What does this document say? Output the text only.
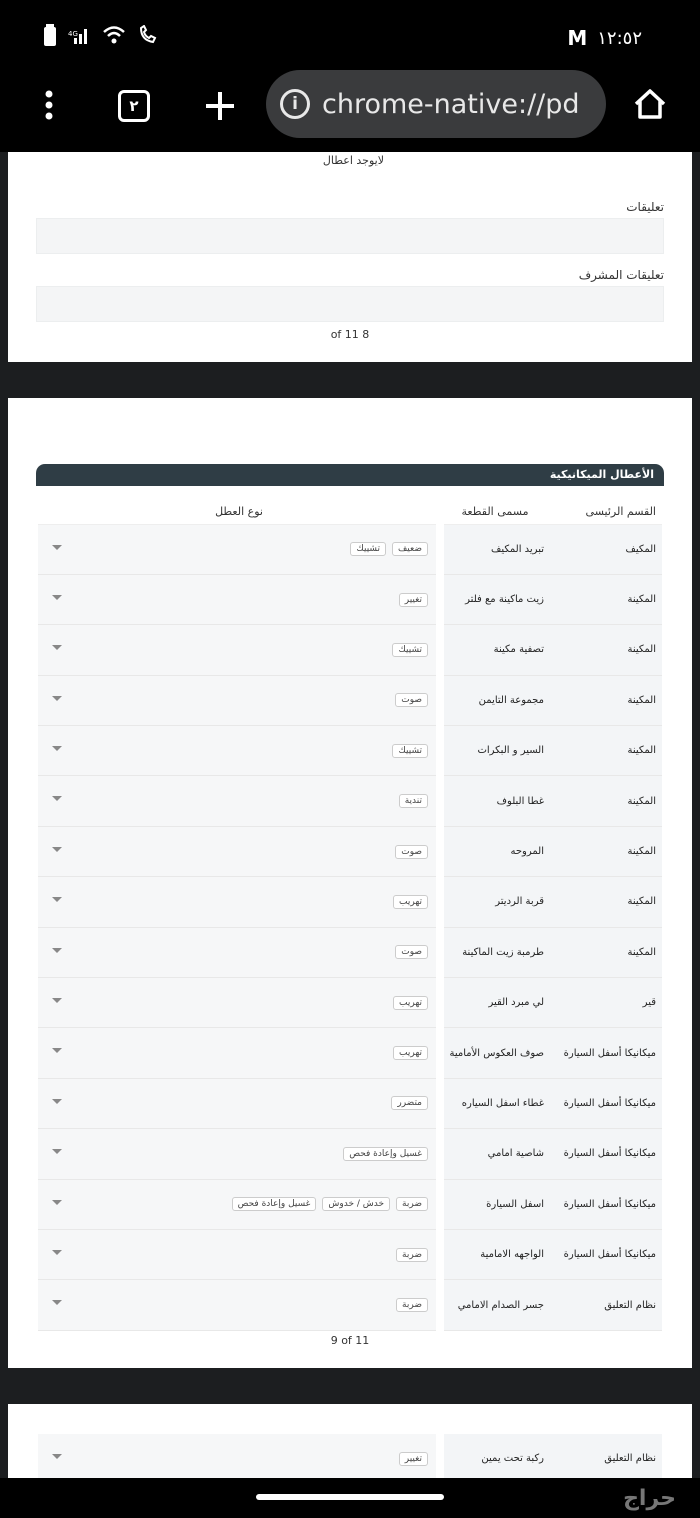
4G	M ١٢:٥٢
٢	i chrome-native://pd
لايوجد اعطال
تعليقات
تعليقات المشرف
8 of 11
الأعطال الميكانيكية
القسم الرئيسى	مسمى القطعة	نوع العطل
المكيف	تبريد المكيف	ضعيفتشييك

المكينة	زيت ماكينة مع فلتر	تغيير

المكينة	تصفية مكينة	تشييك

المكينة	مجموعة التايمن	صوت

المكينة	السير و البكرات	تشييك

المكينة	غطا البلوف	تندية

المكينة	المروحه	صوت

المكينة	قربة الرديتر	تهريب

المكينة	طرمبة زيت الماكينة	صوت

قير	لي مبرد القير	تهريب

ميكانيكا أسفل السيارة	صوف العكوس الأمامية	تهريب

ميكانيكا أسفل السيارة	غطاء اسفل السياره	متضرر

ميكانيكا أسفل السيارة	شاصية امامي	غسيل وإعادة فحص

ميكانيكا أسفل السيارة	اسفل السيارة	ضربةخدش / خدوشغسيل وإعادة فحص

ميكانيكا أسفل السيارة	الواجهه الامامية	ضربة

نظام التعليق	جسر الصدام الامامي	ضربة
9 of 11
نظام التعليق	ركبة تحت يمين	تغيير
حراج
